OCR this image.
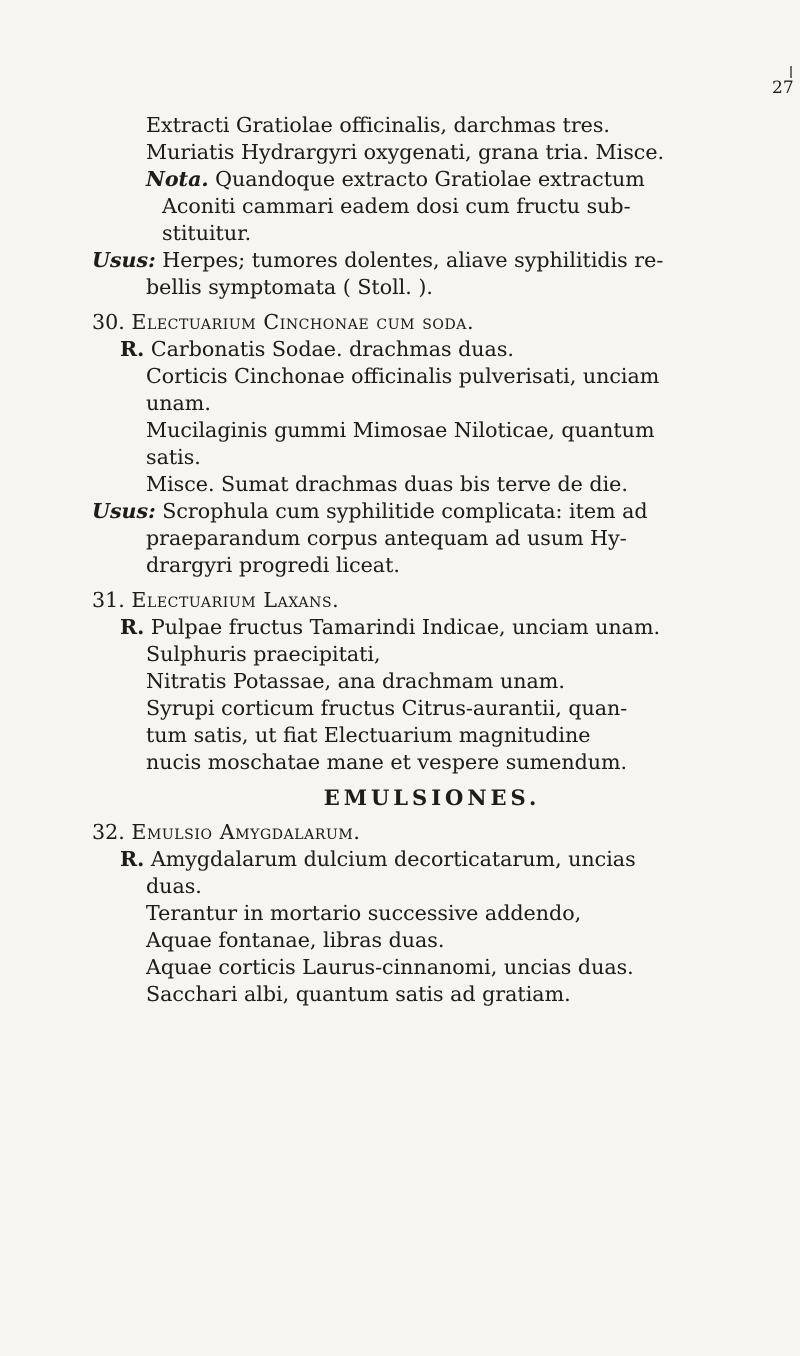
27

Extracti Gratiolae officinalis, darchmas tres.

Muriatis Hydrargyri oxygenati, grana tria. Misce.

Nota. Quandoque extracto Gratiolae extractum

Aconiti cammari eadem dosi cum fructu sub-

stituitur.

Usus: Herpes; tumores dolentes, aliave syphilitidis re-

bellis symptomata ( Stoll. ).

30. Electuarium Cinchonae cum soda.

R. Carbonatis Sodae. drachmas duas.

Corticis Cinchonae officinalis pulverisati, unciam

unam.

Mucilaginis gummi Mimosae Niloticae, quantum

satis.

Misce. Sumat drachmas duas bis terve de die.

Usus: Scrophula cum syphilitide complicata: item ad

praeparandum corpus antequam ad usum Hy-

drargyri progredi liceat.

31. Electuarium Laxans.

R. Pulpae fructus Tamarindi Indicae, unciam unam.

Sulphuris praecipitati,

Nitratis Potassae, ana drachmam unam.

Syrupi corticum fructus Citrus-aurantii, quan-

tum satis, ut fiat Electuarium magnitudine

nucis moschatae mane et vespere sumendum.

EMULSIONES.

32. Emulsio Amygdalarum.

R. Amygdalarum dulcium decorticatarum, uncias

duas.

Terantur in mortario successive addendo,

Aquae fontanae, libras duas.

Aquae corticis Laurus-cinnanomi, uncias duas.

Sacchari albi, quantum satis ad gratiam.
